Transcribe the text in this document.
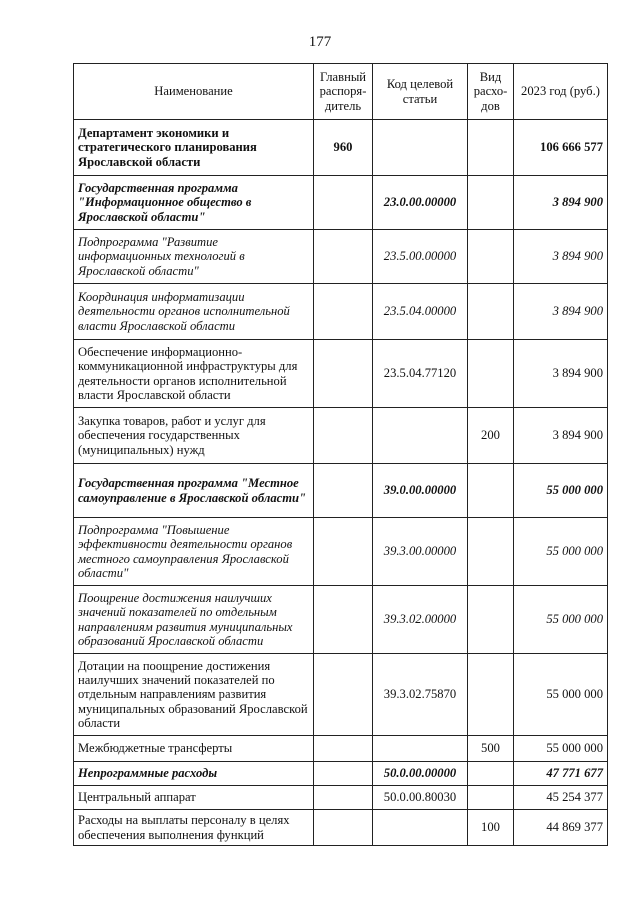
177
Наименование	Главный распоря-дитель	Код целевой статьи	Вид расхо-дов	2023 год (руб.)
Департамент экономики и стратегического планирования Ярославской области	960			106 666 577
Государственная программа "Информационное общество в Ярославской области"		23.0.00.00000		3 894 900
Подпрограмма "Развитие информационных технологий в Ярославской области"		23.5.00.00000		3 894 900
Координация информатизации деятельности органов исполнительной власти Ярославской области		23.5.04.00000		3 894 900
Обеспечение информационно-коммуникационной инфраструктуры для деятельности органов исполнительной власти Ярославской области		23.5.04.77120		3 894 900
Закупка товаров, работ и услуг для обеспечения государственных (муниципальных) нужд			200	3 894 900
Государственная программа "Местное самоуправление в Ярославской области"		39.0.00.00000		55 000 000
Подпрограмма "Повышение эффективности деятельности органов местного самоуправления Ярославской области"		39.3.00.00000		55 000 000
Поощрение достижения наилучших значений показателей по отдельным направлениям развития муниципальных образований Ярославской области		39.3.02.00000		55 000 000
Дотации на поощрение достижения наилучших значений показателей по отдельным направлениям развития муниципальных образований Ярославской области		39.3.02.75870		55 000 000
Межбюджетные трансферты			500	55 000 000
Непрограммные расходы		50.0.00.00000		47 771 677
Центральный аппарат		50.0.00.80030		45 254 377
Расходы на выплаты персоналу в целях обеспечения выполнения функций			100	44 869 377
